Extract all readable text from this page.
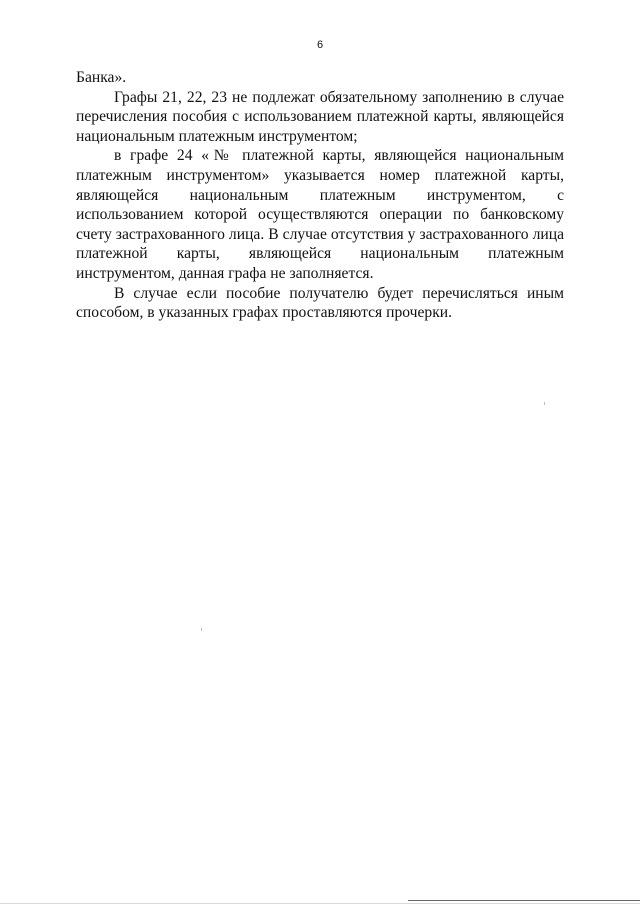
6

Банка».

Графы 21, 22, 23 не подлежат обязательному заполнению в случае перечисления пособия с использованием платежной карты, являющейся национальным платежным инструментом;

в графе 24 «№ платежной карты, являющейся национальным платежным инструментом» указывается номер платежной карты, являющейся национальным платежным инструментом, с использованием которой осуществляются операции по банковскому счету застрахованного лица. В случае отсутствия у застрахованного лица платежной карты, являющейся национальным платежным инструментом, данная графа не заполняется.

В случае если пособие получателю будет перечисляться иным способом, в указанных графах проставляются прочерки.
